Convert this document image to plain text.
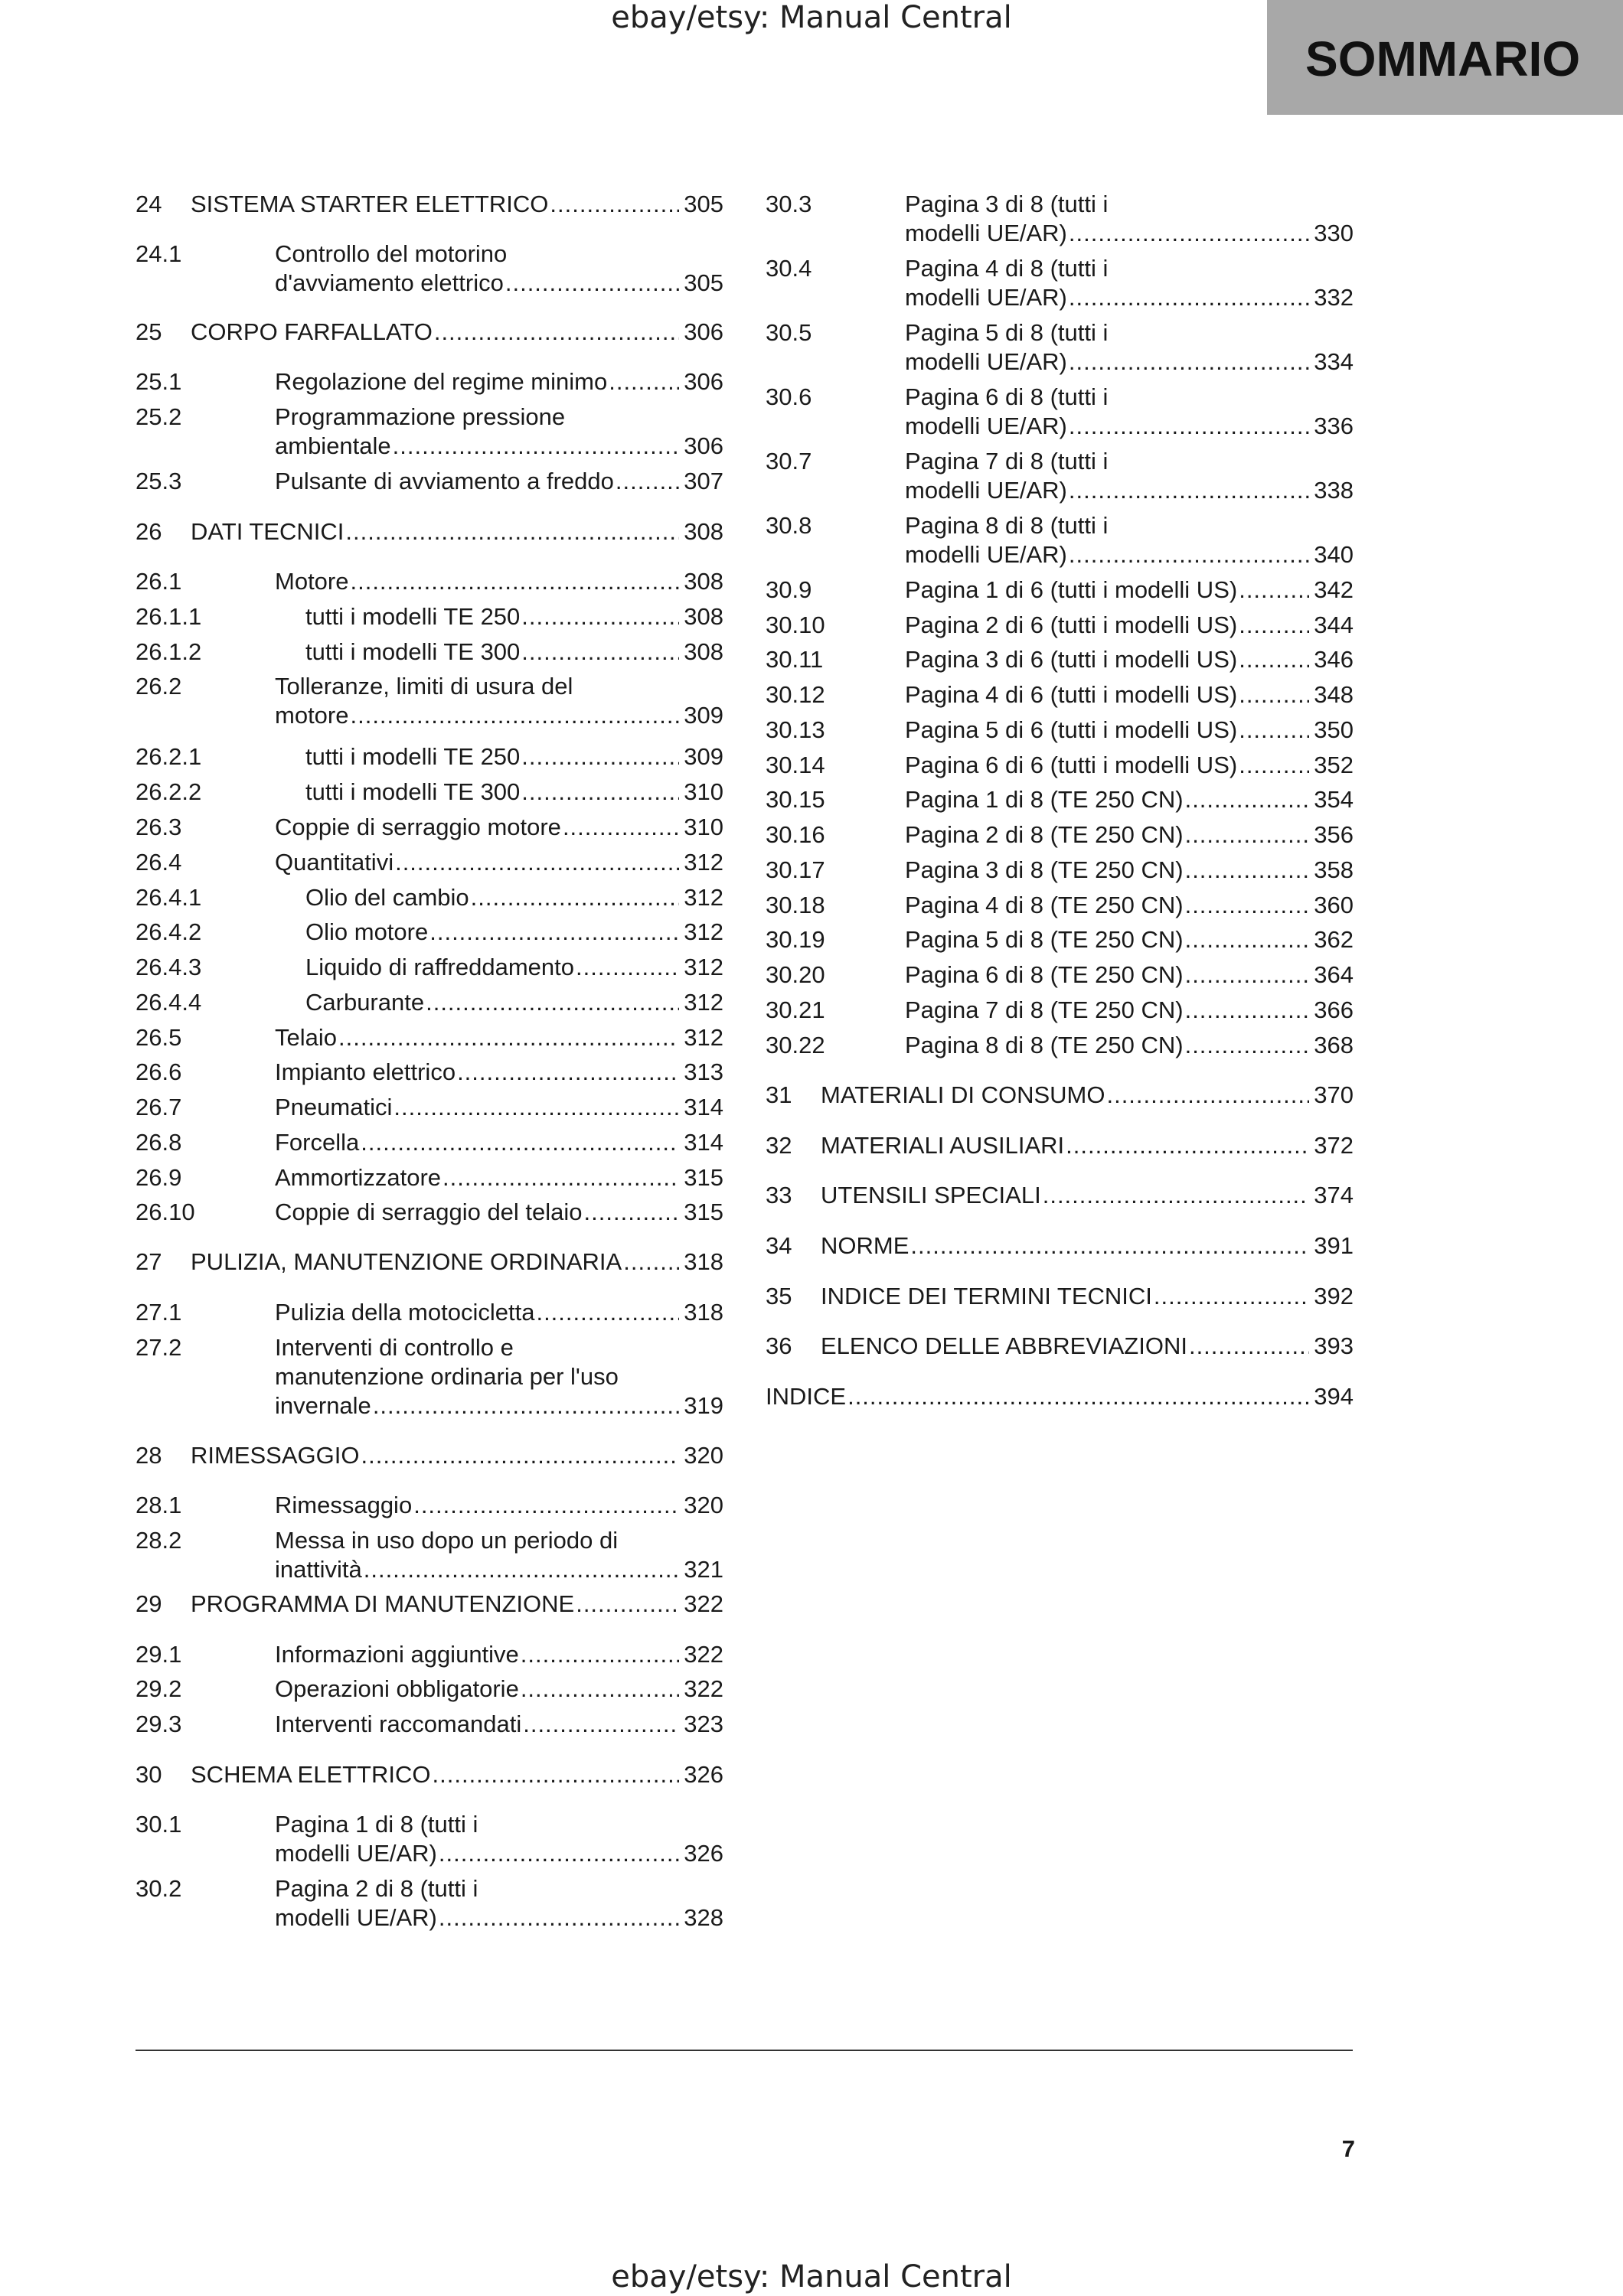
ebay/etsy: Manual Central
SOMMARIO
24 SISTEMA STARTER ELETTRICO .....	305
24.1	Controllo del motorino
d'avviamento elettrico .....	305
25 CORPO FARFALLATO .....	306
25.1	Regolazione del regime minimo .....	306
25.2	Programmazione pressione
ambientale .....	306
25.3	Pulsante di avviamento a freddo .....	307
26 DATI TECNICI .....	308
26.1	Motore .....	308
26.1.1	tutti i modelli TE 250 .....	308
26.1.2	tutti i modelli TE 300 .....	308
26.2	Tolleranze, limiti di usura del
motore .....	309
26.2.1	tutti i modelli TE 250 .....	309
26.2.2	tutti i modelli TE 300 .....	310
26.3	Coppie di serraggio motore .....	310
26.4	Quantitativi .....	312
26.4.1	Olio del cambio .....	312
26.4.2	Olio motore .....	312
26.4.3	Liquido di raffreddamento .....	312
26.4.4	Carburante .....	312
26.5	Telaio .....	312
26.6	Impianto elettrico .....	313
26.7	Pneumatici .....	314
26.8	Forcella .....	314
26.9	Ammortizzatore .....	315
26.10	Coppie di serraggio del telaio .....	315
27 PULIZIA, MANUTENZIONE ORDINARIA .....	318
27.1	Pulizia della motocicletta .....	318
27.2	Interventi di controllo e
manutenzione ordinaria per l'uso
invernale .....	319
28 RIMESSAGGIO .....	320
28.1	Rimessaggio .....	320
28.2	Messa in uso dopo un periodo di
inattività .....	321
29 PROGRAMMA DI MANUTENZIONE .....	322
29.1	Informazioni aggiuntive .....	322
29.2	Operazioni obbligatorie .....	322
29.3	Interventi raccomandati .....	323
30 SCHEMA ELETTRICO .....	326
30.1	Pagina 1 di 8 (tutti i
modelli UE/AR) .....	326
30.2	Pagina 2 di 8 (tutti i
modelli UE/AR) .....	328
30.3	Pagina 3 di 8 (tutti i
modelli UE/AR) .....	330
30.4	Pagina 4 di 8 (tutti i
modelli UE/AR) .....	332
30.5	Pagina 5 di 8 (tutti i
modelli UE/AR) .....	334
30.6	Pagina 6 di 8 (tutti i
modelli UE/AR) .....	336
30.7	Pagina 7 di 8 (tutti i
modelli UE/AR) .....	338
30.8	Pagina 8 di 8 (tutti i
modelli UE/AR) .....	340
30.9	Pagina 1 di 6 (tutti i modelli US) .....	342
30.10	Pagina 2 di 6 (tutti i modelli US) .....	344
30.11	Pagina 3 di 6 (tutti i modelli US) .....	346
30.12	Pagina 4 di 6 (tutti i modelli US) .....	348
30.13	Pagina 5 di 6 (tutti i modelli US) .....	350
30.14	Pagina 6 di 6 (tutti i modelli US) .....	352
30.15	Pagina 1 di 8 (TE 250 CN) .....	354
30.16	Pagina 2 di 8 (TE 250 CN) .....	356
30.17	Pagina 3 di 8 (TE 250 CN) .....	358
30.18	Pagina 4 di 8 (TE 250 CN) .....	360
30.19	Pagina 5 di 8 (TE 250 CN) .....	362
30.20	Pagina 6 di 8 (TE 250 CN) .....	364
30.21	Pagina 7 di 8 (TE 250 CN) .....	366
30.22	Pagina 8 di 8 (TE 250 CN) .....	368
31 MATERIALI DI CONSUMO .....	370
32 MATERIALI AUSILIARI .....	372
33 UTENSILI SPECIALI .....	374
34 NORME .....	391
35 INDICE DEI TERMINI TECNICI .....	392
36 ELENCO DELLE ABBREVIAZIONI .....	393
INDICE .....	394
7
ebay/etsy: Manual Central
